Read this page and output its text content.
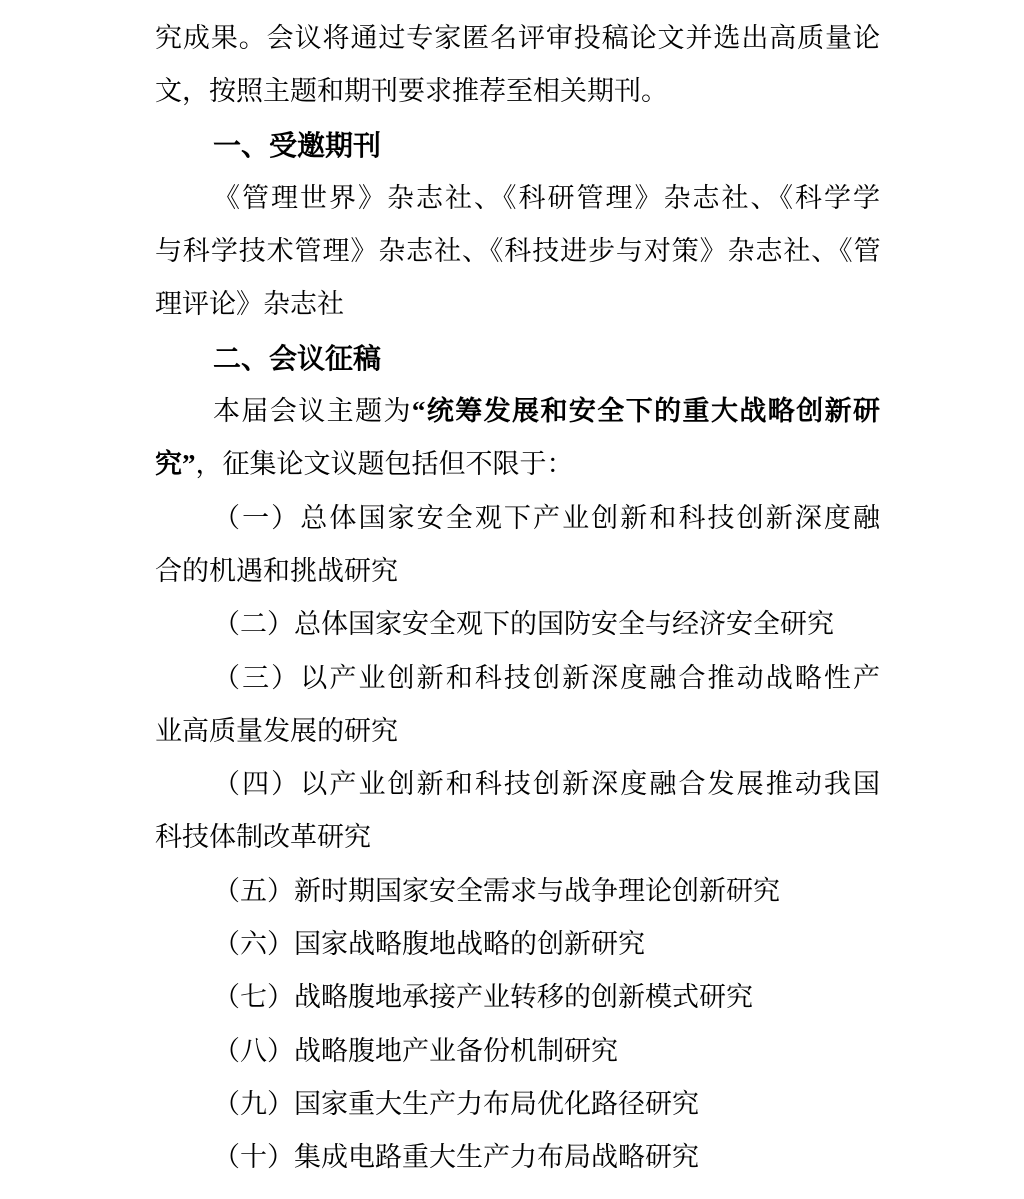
究成果。会议将通过专家匿名评审投稿论文并选出高质量论
文，按照主题和期刊要求推荐至相关期刊。
一、受邀期刊
《管理世界》杂志社、《科研管理》杂志社、《科学学
与科学技术管理》杂志社、《科技进步与对策》杂志社、《管
理评论》杂志社
二、会议征稿
本届会议主题为“统筹发展和安全下的重大战略创新研
究”，征集论文议题包括但不限于：
（一）总体国家安全观下产业创新和科技创新深度融
合的机遇和挑战研究
（二）总体国家安全观下的国防安全与经济安全研究
（三）以产业创新和科技创新深度融合推动战略性产
业高质量发展的研究
（四）以产业创新和科技创新深度融合发展推动我国
科技体制改革研究
（五）新时期国家安全需求与战争理论创新研究
（六）国家战略腹地战略的创新研究
（七）战略腹地承接产业转移的创新模式研究
（八）战略腹地产业备份机制研究
（九）国家重大生产力布局优化路径研究
（十）集成电路重大生产力布局战略研究
